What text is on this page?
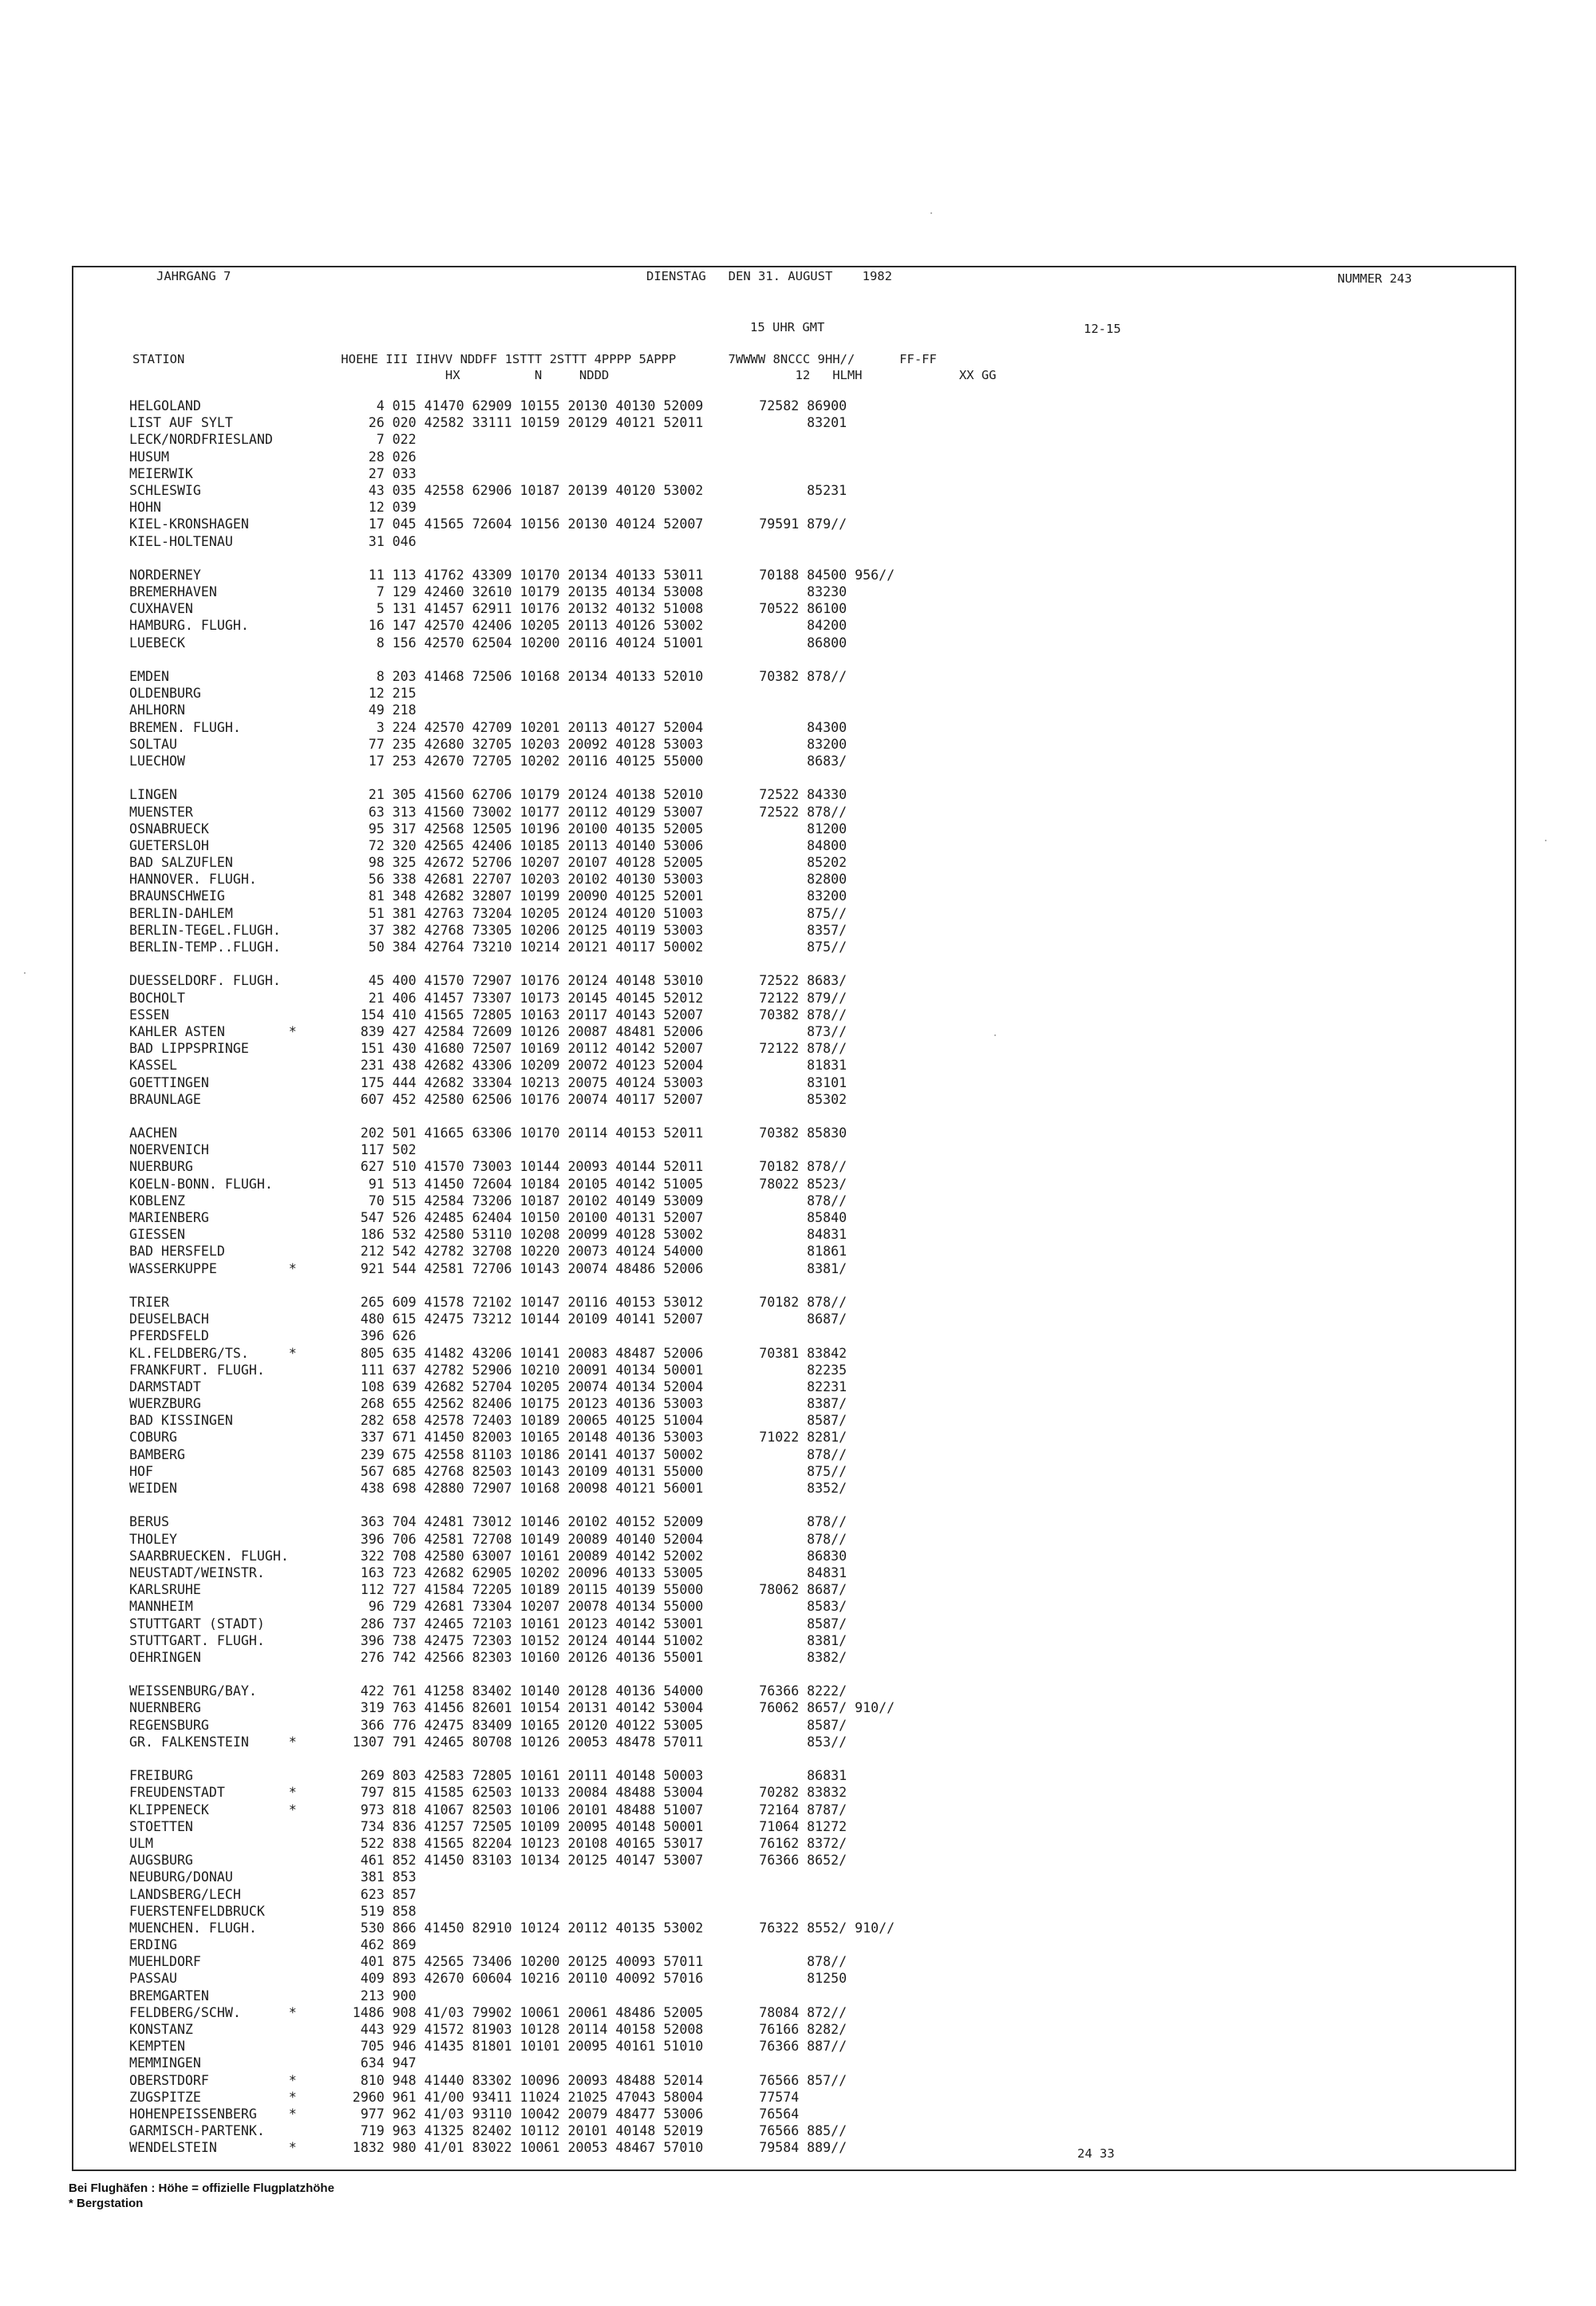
JAHRGANG 7	DIENSTAG   DEN 31. AUGUST    1982	NUMMER 243
15 UHR GMT	12-15
STATION                     HOEHE III IIHVV NDDFF 1STTT 2STTT 4PPPP 5APPP       7WWWW 8NCCC 9HH//      FF-FF
HX          N     NDDD                         12   HLMH             XX GG
HELGOLAND                      4 015 41470 62909 10155 20130 40130 52009       72582 86900
LIST AUF SYLT                 26 020 42582 33111 10159 20129 40121 52011             83201
LECK/NORDFRIESLAND             7 022
HUSUM                         28 026
MEIERWIK                      27 033
SCHLESWIG                     43 035 42558 62906 10187 20139 40120 53002             85231
HOHN                          12 039
KIEL-KRONSHAGEN               17 045 41565 72604 10156 20130 40124 52007       79591 879//
KIEL-HOLTENAU                 31 046
NORDERNEY                     11 113 41762 43309 10170 20134 40133 53011       70188 84500 956//
BREMERHAVEN                    7 129 42460 32610 10179 20135 40134 53008             83230
CUXHAVEN                       5 131 41457 62911 10176 20132 40132 51008       70522 86100
HAMBURG. FLUGH.               16 147 42570 42406 10205 20113 40126 53002             84200
LUEBECK                        8 156 42570 62504 10200 20116 40124 51001             86800
EMDEN                          8 203 41468 72506 10168 20134 40133 52010       70382 878//
OLDENBURG                     12 215
AHLHORN                       49 218
BREMEN. FLUGH.                 3 224 42570 42709 10201 20113 40127 52004             84300
SOLTAU                        77 235 42680 32705 10203 20092 40128 53003             83200
LUECHOW                       17 253 42670 72705 10202 20116 40125 55000             8683/
LINGEN                        21 305 41560 62706 10179 20124 40138 52010       72522 84330
MUENSTER                      63 313 41560 73002 10177 20112 40129 53007       72522 878//
OSNABRUECK                    95 317 42568 12505 10196 20100 40135 52005             81200
GUETERSLOH                    72 320 42565 42406 10185 20113 40140 53006             84800
BAD SALZUFLEN                 98 325 42672 52706 10207 20107 40128 52005             85202
HANNOVER. FLUGH.              56 338 42681 22707 10203 20102 40130 53003             82800
BRAUNSCHWEIG                  81 348 42682 32807 10199 20090 40125 52001             83200
BERLIN-DAHLEM                 51 381 42763 73204 10205 20124 40120 51003             875//
BERLIN-TEGEL.FLUGH.           37 382 42768 73305 10206 20125 40119 53003             8357/
BERLIN-TEMP..FLUGH.           50 384 42764 73210 10214 20121 40117 50002             875//
DUESSELDORF. FLUGH.           45 400 41570 72907 10176 20124 40148 53010       72522 8683/
BOCHOLT                       21 406 41457 73307 10173 20145 40145 52012       72122 879//
ESSEN                        154 410 41565 72805 10163 20117 40143 52007       70382 878//
KAHLER ASTEN        *        839 427 42584 72609 10126 20087 48481 52006             873//
BAD LIPPSPRINGE              151 430 41680 72507 10169 20112 40142 52007       72122 878//
KASSEL                       231 438 42682 43306 10209 20072 40123 52004             81831
GOETTINGEN                   175 444 42682 33304 10213 20075 40124 53003             83101
BRAUNLAGE                    607 452 42580 62506 10176 20074 40117 52007             85302
AACHEN                       202 501 41665 63306 10170 20114 40153 52011       70382 85830
NOERVENICH                   117 502
NUERBURG                     627 510 41570 73003 10144 20093 40144 52011       70182 878//
KOELN-BONN. FLUGH.            91 513 41450 72604 10184 20105 40142 51005       78022 8523/
KOBLENZ                       70 515 42584 73206 10187 20102 40149 53009             878//
MARIENBERG                   547 526 42485 62404 10150 20100 40131 52007             85840
GIESSEN                      186 532 42580 53110 10208 20099 40128 53002             84831
BAD HERSFELD                 212 542 42782 32708 10220 20073 40124 54000             81861
WASSERKUPPE         *        921 544 42581 72706 10143 20074 48486 52006             8381/
TRIER                        265 609 41578 72102 10147 20116 40153 53012       70182 878//
DEUSELBACH                   480 615 42475 73212 10144 20109 40141 52007             8687/
PFERDSFELD                   396 626
KL.FELDBERG/TS.     *        805 635 41482 43206 10141 20083 48487 52006       70381 83842
FRANKFURT. FLUGH.            111 637 42782 52906 10210 20091 40134 50001             82235
DARMSTADT                    108 639 42682 52704 10205 20074 40134 52004             82231
WUERZBURG                    268 655 42562 82406 10175 20123 40136 53003             8387/
BAD KISSINGEN                282 658 42578 72403 10189 20065 40125 51004             8587/
COBURG                       337 671 41450 82003 10165 20148 40136 53003       71022 8281/
BAMBERG                      239 675 42558 81103 10186 20141 40137 50002             878//
HOF                          567 685 42768 82503 10143 20109 40131 55000             875//
WEIDEN                       438 698 42880 72907 10168 20098 40121 56001             8352/
BERUS                        363 704 42481 73012 10146 20102 40152 52009             878//
THOLEY                       396 706 42581 72708 10149 20089 40140 52004             878//
SAARBRUECKEN. FLUGH.         322 708 42580 63007 10161 20089 40142 52002             86830
NEUSTADT/WEINSTR.            163 723 42682 62905 10202 20096 40133 53005             84831
KARLSRUHE                    112 727 41584 72205 10189 20115 40139 55000       78062 8687/
MANNHEIM                      96 729 42681 73304 10207 20078 40134 55000             8583/
STUTTGART (STADT)            286 737 42465 72103 10161 20123 40142 53001             8587/
STUTTGART. FLUGH.            396 738 42475 72303 10152 20124 40144 51002             8381/
OEHRINGEN                    276 742 42566 82303 10160 20126 40136 55001             8382/
WEISSENBURG/BAY.             422 761 41258 83402 10140 20128 40136 54000       76366 8222/
NUERNBERG                    319 763 41456 82601 10154 20131 40142 53004       76062 8657/ 910//
REGENSBURG                   366 776 42475 83409 10165 20120 40122 53005             8587/
GR. FALKENSTEIN     *       1307 791 42465 80708 10126 20053 48478 57011             853//
FREIBURG                     269 803 42583 72805 10161 20111 40148 50003             86831
FREUDENSTADT        *        797 815 41585 62503 10133 20084 48488 53004       70282 83832
KLIPPENECK          *        973 818 41067 82503 10106 20101 48488 51007       72164 8787/
STOETTEN                     734 836 41257 72505 10109 20095 40148 50001       71064 81272
ULM                          522 838 41565 82204 10123 20108 40165 53017       76162 8372/
AUGSBURG                     461 852 41450 83103 10134 20125 40147 53007       76366 8652/
NEUBURG/DONAU                381 853
LANDSBERG/LECH               623 857
FUERSTENFELDBRUCK            519 858
MUENCHEN. FLUGH.             530 866 41450 82910 10124 20112 40135 53002       76322 8552/ 910//
ERDING                       462 869
MUEHLDORF                    401 875 42565 73406 10200 20125 40093 57011             878//
PASSAU                       409 893 42670 60604 10216 20110 40092 57016             81250
BREMGARTEN                   213 900
FELDBERG/SCHW.      *       1486 908 41/03 79902 10061 20061 48486 52005       78084 872//
KONSTANZ                     443 929 41572 81903 10128 20114 40158 52008       76166 8282/
KEMPTEN                      705 946 41435 81801 10101 20095 40161 51010       76366 887//
MEMMINGEN                    634 947
OBERSTDORF          *        810 948 41440 83302 10096 20093 48488 52014       76566 857//
ZUGSPITZE           *       2960 961 41/00 93411 11024 21025 47043 58004       77574
HOHENPEISSENBERG    *        977 962 41/03 93110 10042 20079 48477 53006       76564
GARMISCH-PARTENK.            719 963 41325 82402 10112 20101 40148 52019       76566 885//
WENDELSTEIN         *       1832 980 41/01 83022 10061 20053 48467 57010       79584 889//	24 33
Bei Flughäfen : Höhe = offizielle Flugplatzhöhe
* Bergstation
